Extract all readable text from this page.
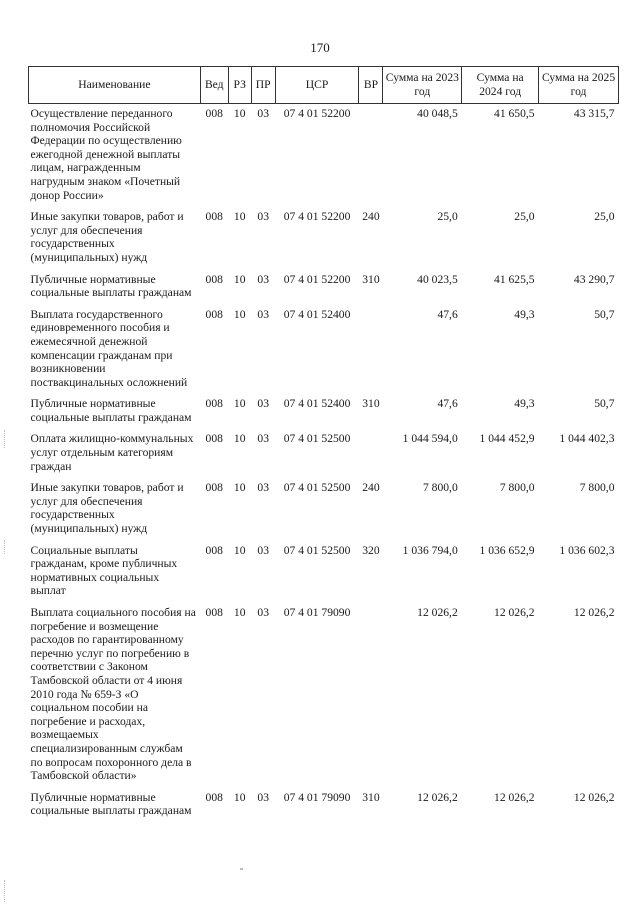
170
Наименование	Вед	РЗ	ПР	ЦСР	ВР	Сумма на 2023 год	Сумма на 2024 год	Сумма на 2025 год
Осуществление переданного полномочия Российской Федерации по осуществлению ежегодной денежной выплаты лицам, награжденным нагрудным знаком «Почетный донор России»	008	10	03	07 4 01 52200		40 048,5	41 650,5	43 315,7
Иные закупки товаров, работ и услуг для обеспечения государственных (муниципальных) нужд	008	10	03	07 4 01 52200	240	25,0	25,0	25,0
Публичные нормативные социальные выплаты гражданам	008	10	03	07 4 01 52200	310	40 023,5	41 625,5	43 290,7
Выплата государственного единовременного пособия и ежемесячной денежной компенсации гражданам при возникновении поствакцинальных осложнений	008	10	03	07 4 01 52400		47,6	49,3	50,7
Публичные нормативные социальные выплаты гражданам	008	10	03	07 4 01 52400	310	47,6	49,3	50,7
Оплата жилищно-коммунальных услуг отдельным категориям граждан	008	10	03	07 4 01 52500		1 044 594,0	1 044 452,9	1 044 402,3
Иные закупки товаров, работ и услуг для обеспечения государственных (муниципальных) нужд	008	10	03	07 4 01 52500	240	7 800,0	7 800,0	7 800,0
Социальные выплаты гражданам, кроме публичных нормативных социальных выплат	008	10	03	07 4 01 52500	320	1 036 794,0	1 036 652,9	1 036 602,3
Выплата социального пособия на погребение и возмещение расходов по гарантированному перечню услуг по погребению в соответствии с Законом Тамбовской области от 4 июня 2010 года № 659-З «О социальном пособии на погребение и расходах, возмещаемых специализированным службам по вопросам похоронного дела в Тамбовской области»	008	10	03	07 4 01 79090		12 026,2	12 026,2	12 026,2
Публичные нормативные социальные выплаты гражданам	008	10	03	07 4 01 79090	310	12 026,2	12 026,2	12 026,2
